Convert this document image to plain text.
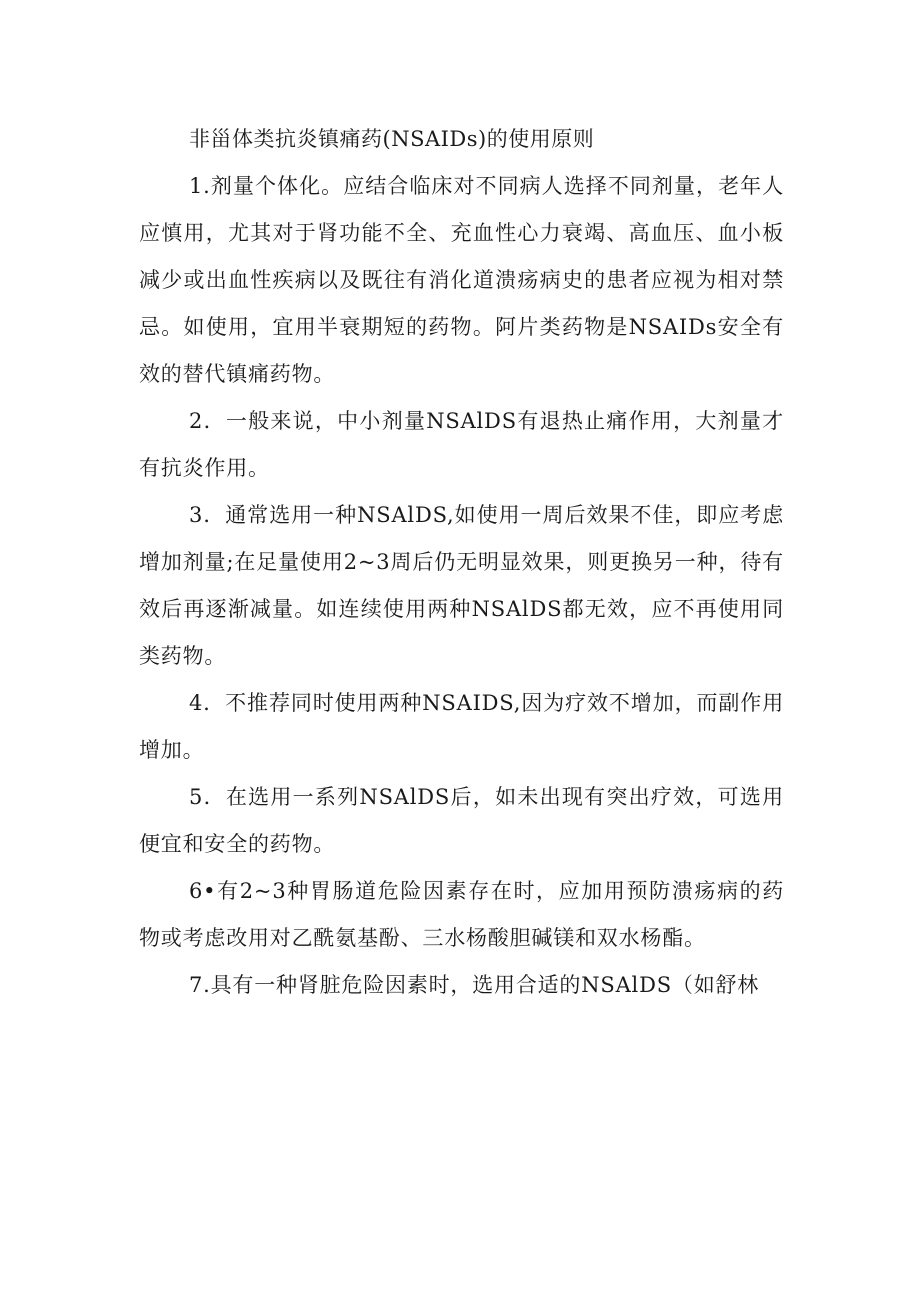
非甾体类抗炎镇痛药(NSAIDs)的使用原则

1.剂量个体化。应结合临床对不同病人选择不同剂量，老年人应慎用，尤其对于肾功能不全、充血性心力衰竭、高血压、血小板减少或出血性疾病以及既往有消化道溃疡病史的患者应视为相对禁忌。如使用，宜用半衰期短的药物。阿片类药物是NSAIDs安全有效的替代镇痛药物。

2．一般来说，中小剂量NSAlDS有退热止痛作用，大剂量才有抗炎作用。

3．通常选用一种NSAlDS,如使用一周后效果不佳，即应考虑增加剂量;在足量使用2~3周后仍无明显效果，则更换另一种，待有效后再逐渐减量。如连续使用两种NSAlDS都无效，应不再使用同类药物。

4．不推荐同时使用两种NSAIDS,因为疗效不增加，而副作用增加。

5．在选用一系列NSAlDS后，如未出现有突出疗效，可选用便宜和安全的药物。

6•有2~3种胃肠道危险因素存在时，应加用预防溃疡病的药物或考虑改用对乙酰氨基酚、三水杨酸胆碱镁和双水杨酯。

7.具有一种肾脏危险因素时，选用合适的NSAlDS（如舒林
